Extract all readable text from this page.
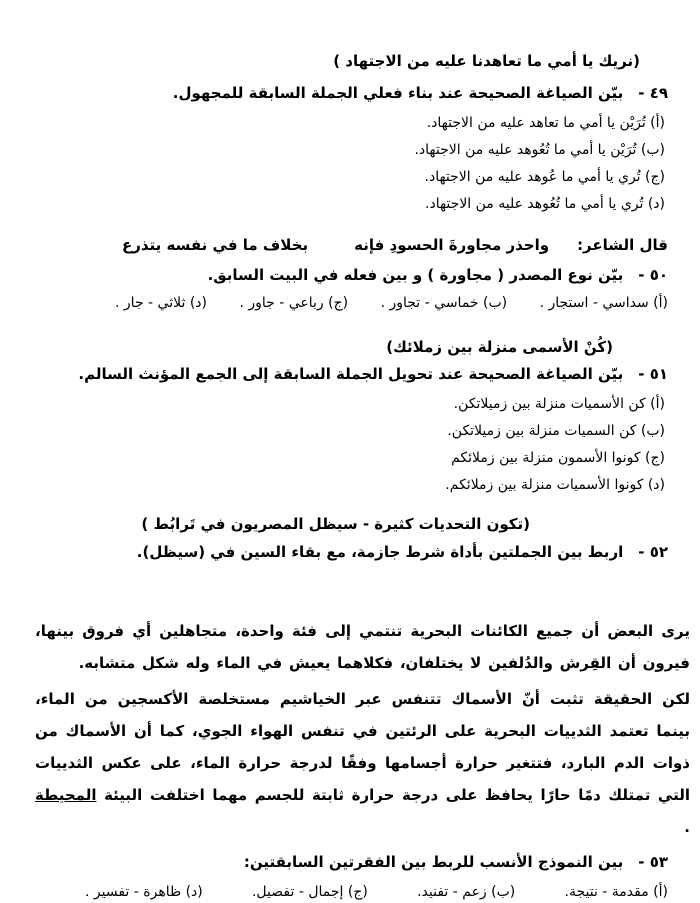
(نريك يا أمي ما تعاهدنا عليه من الاجتهاد )
٤٩ -بيّن الصياغة الصحيحة عند بناء فعلي الجملة السابقة للمجهول.
(أ) تُرَيْن يا أمي ما تعاهد عليه من الاجتهاد.
(ب) تُرَيْن يا أمي ما تُعُوهد عليه من الاجتهاد.
(ج) تُري يا أمي ما عُوهد عليه من الاجتهاد.
(د) تُري يا أمي ما تُعُوهد عليه من الاجتهاد.
قال الشاعر:
واحذر مجاورةَ الحسودِ فإنه
بخلاف ما في نفسه يتذرع
٥٠ -بيّن نوع المصدر ( مجاورة ) و بين فعله في البيت السابق.
(أ) سداسي - استجار .
(ب) خماسي - تجاور .
(ج) رباعي - جاور .
(د) ثلاثي - جار .
(كُنْ الأسمى منزلة بين زملائك)
٥١ -بيّن الصياغة الصحيحة عند تحويل الجملة السابقة إلى الجمع المؤنث السالم.
(أ) كن الأسميات منزلة بين زميلاتكن.
(ب) كن السميات منزلة بين زميلاتكن.
(ج) كونوا الأسمون منزلة بين زملائكم
(د) كونوا الأسميات منزلة بين زملائكم.
(تكون التحديات كثيرة - سيظل المصريون في تَرابُط )
٥٢ -اربط بين الجملتين بأداة شرط جازمة، مع بقاء السين في (سيظل).

يرى البعض أن جميع الكائنات البحرية تنتمي إلى فئة واحدة، متجاهلين أي فروق بينها، فيرون أن القِرش والدُلفين لا يختلفان، فكلاهما يعيش في الماء وله شكل متشابه.

لكن الحقيقة تثبت أنّ الأسماك تتنفس عبر الخياشيم مستخلصة الأكسجين من الماء، بينما تعتمد الثدييات البحرية على الرئتين في تنفس الهواء الجوي، كما أن الأسماك من ذوات الدم البارد، فتتغير حرارة أجسامها وفقًا لدرجة حرارة الماء، على عكس الثدييات التي تمتلك دمًا حارًا يحافظ على درجة حرارة ثابتة للجسم مهما اختلفت البيئة المحيطة .

٥٣ -بين النموذج الأنسب للربط بين الفقرتين السابقتين:
(أ) مقدمة - نتيجة.
(ب) زعم - تفنيد.
(ج) إجمال - تفصيل.
(د) ظاهرة - تفسير .
